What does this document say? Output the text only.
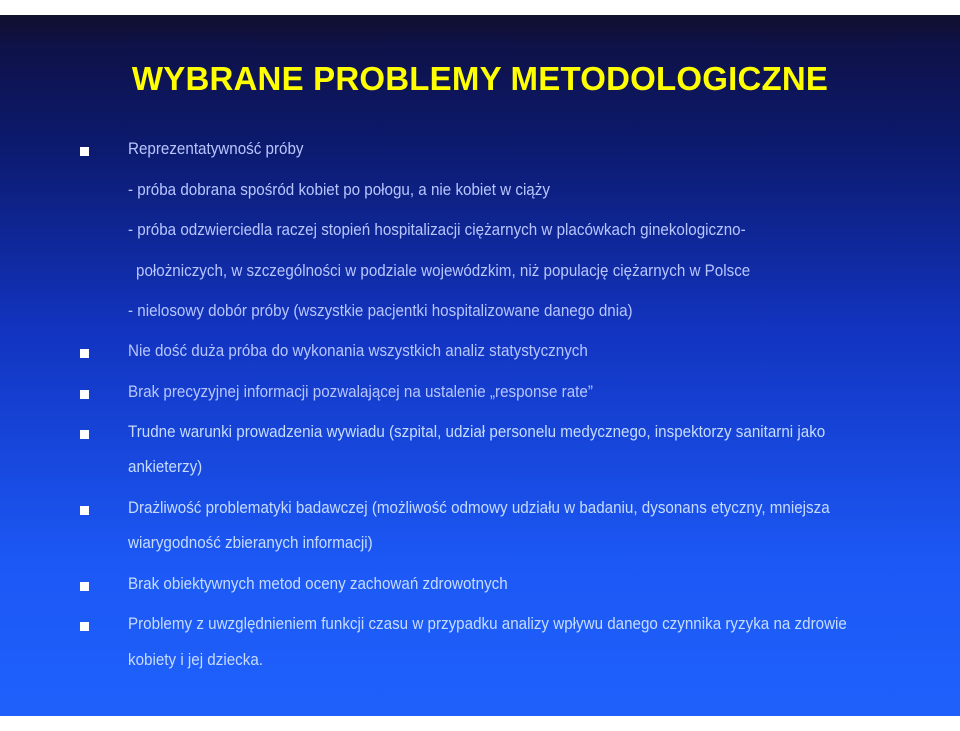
WYBRANE PROBLEMY METODOLOGICZNE
Reprezentatywność próby
- próba dobrana spośród kobiet po połogu, a nie kobiet w ciąży
- próba odzwierciedla raczej stopień hospitalizacji ciężarnych w placówkach ginekologiczno-
położniczych, w szczególności w podziale wojewódzkim, niż populację ciężarnych w Polsce
- nielosowy dobór próby (wszystkie pacjentki hospitalizowane danego dnia)
Nie dość duża próba do wykonania wszystkich analiz statystycznych
Brak precyzyjnej informacji pozwalającej na ustalenie „response rate”
Trudne warunki prowadzenia wywiadu (szpital, udział personelu medycznego, inspektorzy sanitarni jako
ankieterzy)
Drażliwość problematyki badawczej (możliwość odmowy udziału w badaniu, dysonans etyczny, mniejsza
wiarygodność zbieranych informacji)
Brak obiektywnych metod oceny zachowań zdrowotnych
Problemy z uwzględnieniem funkcji czasu w przypadku analizy wpływu danego czynnika ryzyka na zdrowie
kobiety i jej dziecka.
